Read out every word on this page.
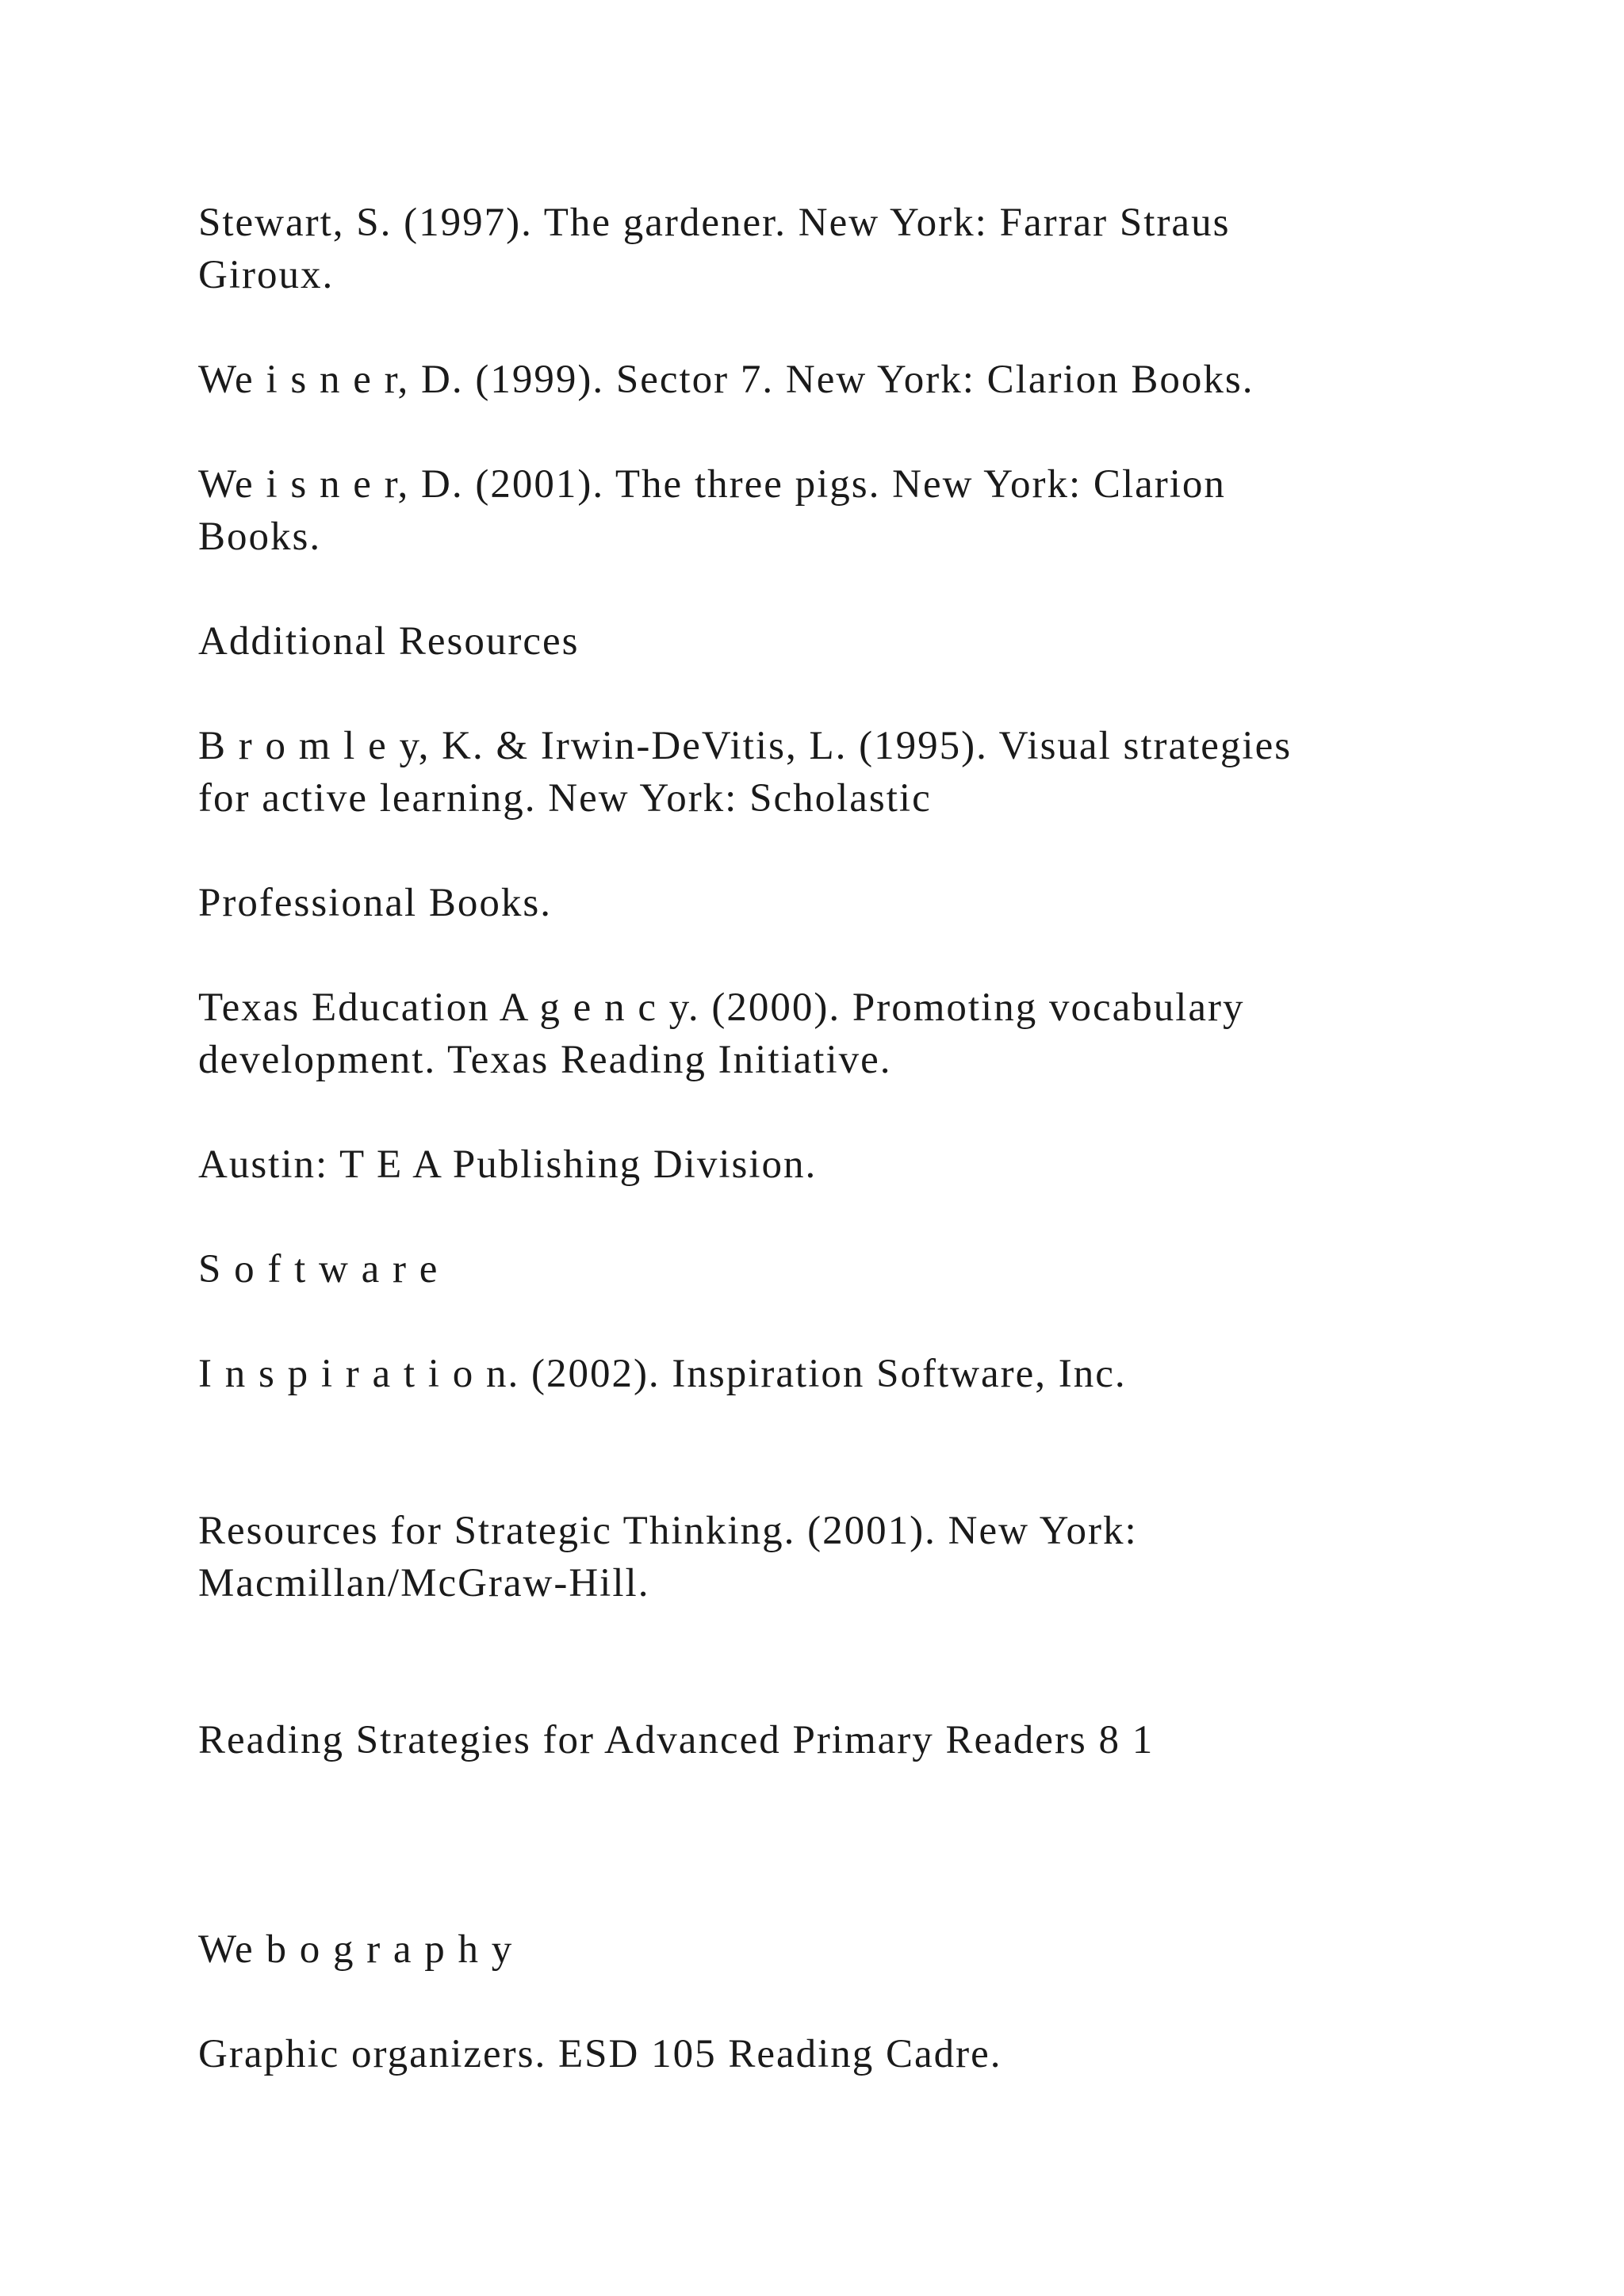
Stewart, S. (1997). The gardener. New York: Farrar Straus

Giroux.

We i s n e r, D. (1999). Sector 7. New York: Clarion Books.

We i s n e r, D. (2001). The three pigs. New York: Clarion

Books.

Additional Resources

B r o m l e y, K. & Irwin-DeVitis, L. (1995). Visual strategies

for active learning. New York: Scholastic

Professional Books.

Texas Education A g e n c y. (2000). Promoting vocabulary

development. Texas Reading Initiative.

Austin: T E A Publishing Division.

S o f t w a r e

I n s p i r a t i o n. (2002). Inspiration Software, Inc.

Resources for Strategic Thinking. (2001). New York:

Macmillan/McGraw-Hill.

Reading Strategies for Advanced Primary Readers 8 1

We b o g r a p h y

Graphic organizers. ESD 105 Reading Cadre.
